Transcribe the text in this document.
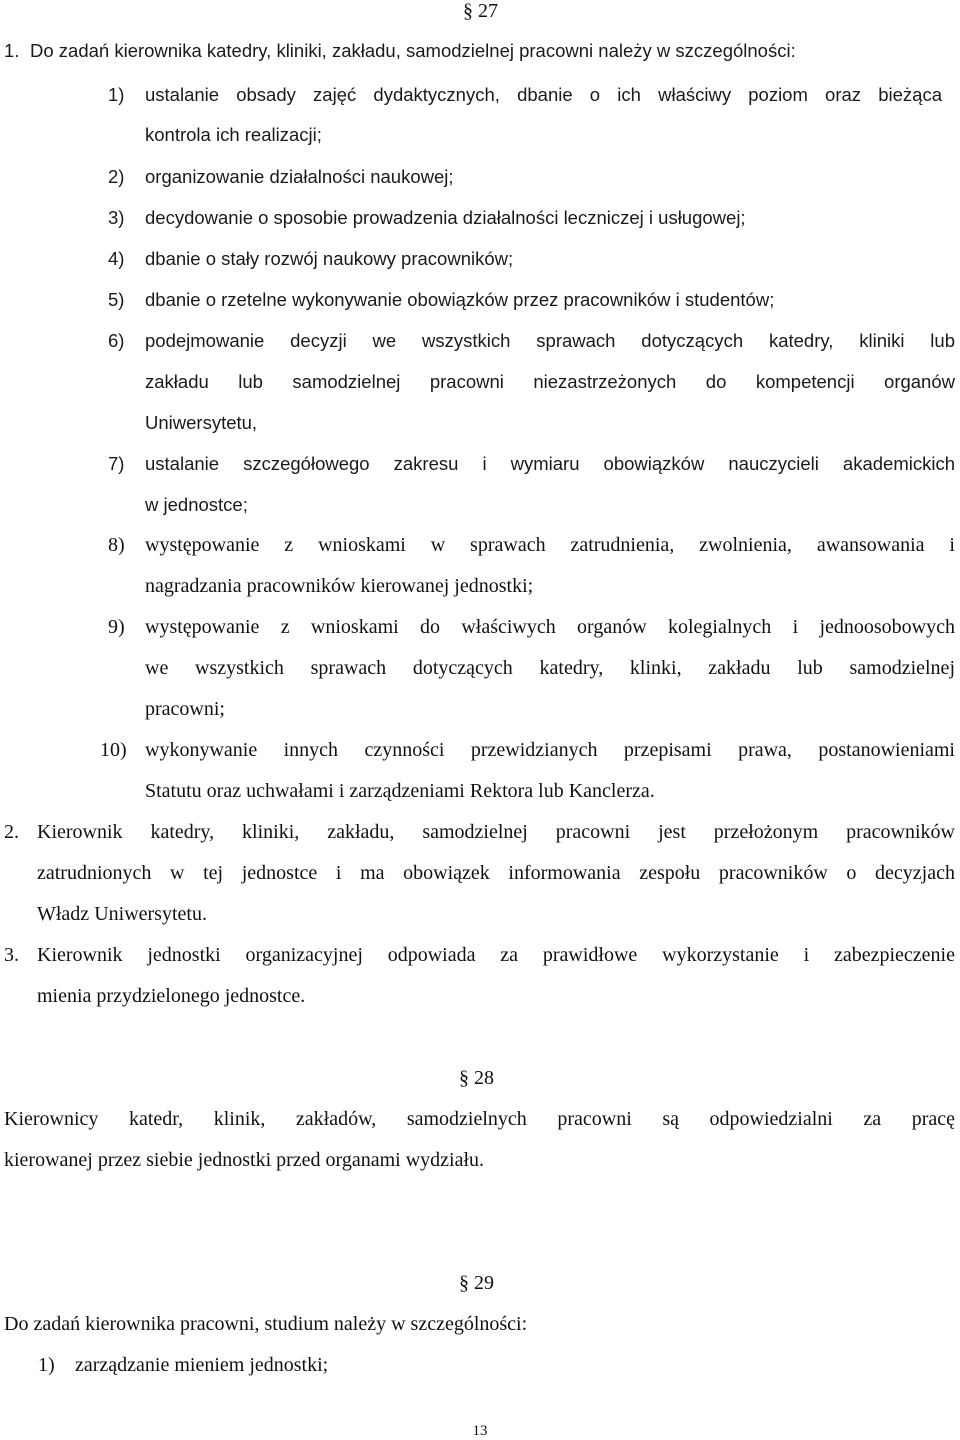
§ 27
1. Do zadań kierownika katedry, kliniki, zakładu, samodzielnej pracowni należy w szczególności:
1) ustalanie obsady zajęć dydaktycznych, dbanie o ich właściwy poziom oraz bieżąca
kontrola ich realizacji;
2) organizowanie działalności naukowej;
3) decydowanie o sposobie prowadzenia działalności leczniczej i usługowej;
4) dbanie o stały rozwój naukowy pracowników;
5) dbanie o rzetelne wykonywanie obowiązków przez pracowników i studentów;
6) podejmowanie decyzji we wszystkich sprawach dotyczących katedry, kliniki lub
zakładu lub samodzielnej pracowni niezastrzeżonych do kompetencji organów
Uniwersytetu,
7) ustalanie szczegółowego zakresu i wymiaru obowiązków nauczycieli akademickich
w jednostce;
8) występowanie z wnioskami w sprawach zatrudnienia, zwolnienia, awansowania i
nagradzania pracowników kierowanej jednostki;
9) występowanie z wnioskami do właściwych organów kolegialnych i jednoosobowych
we wszystkich sprawach dotyczących katedry, klinki, zakładu lub samodzielnej
pracowni;
10) wykonywanie innych czynności przewidzianych przepisami prawa, postanowieniami
Statutu oraz uchwałami i zarządzeniami Rektora lub Kanclerza.
2. Kierownik katedry, kliniki, zakładu, samodzielnej pracowni jest przełożonym pracowników
zatrudnionych w tej jednostce i ma obowiązek informowania zespołu pracowników o decyzjach
Władz Uniwersytetu.
3. Kierownik jednostki organizacyjnej odpowiada za prawidłowe wykorzystanie i zabezpieczenie
mienia przydzielonego jednostce.
§ 28
Kierownicy katedr, klinik, zakładów, samodzielnych pracowni są odpowiedzialni za pracę
kierowanej przez siebie jednostki przed organami wydziału.
§ 29
Do zadań kierownika pracowni, studium należy w szczególności:
1) zarządzanie mieniem jednostki;
13
